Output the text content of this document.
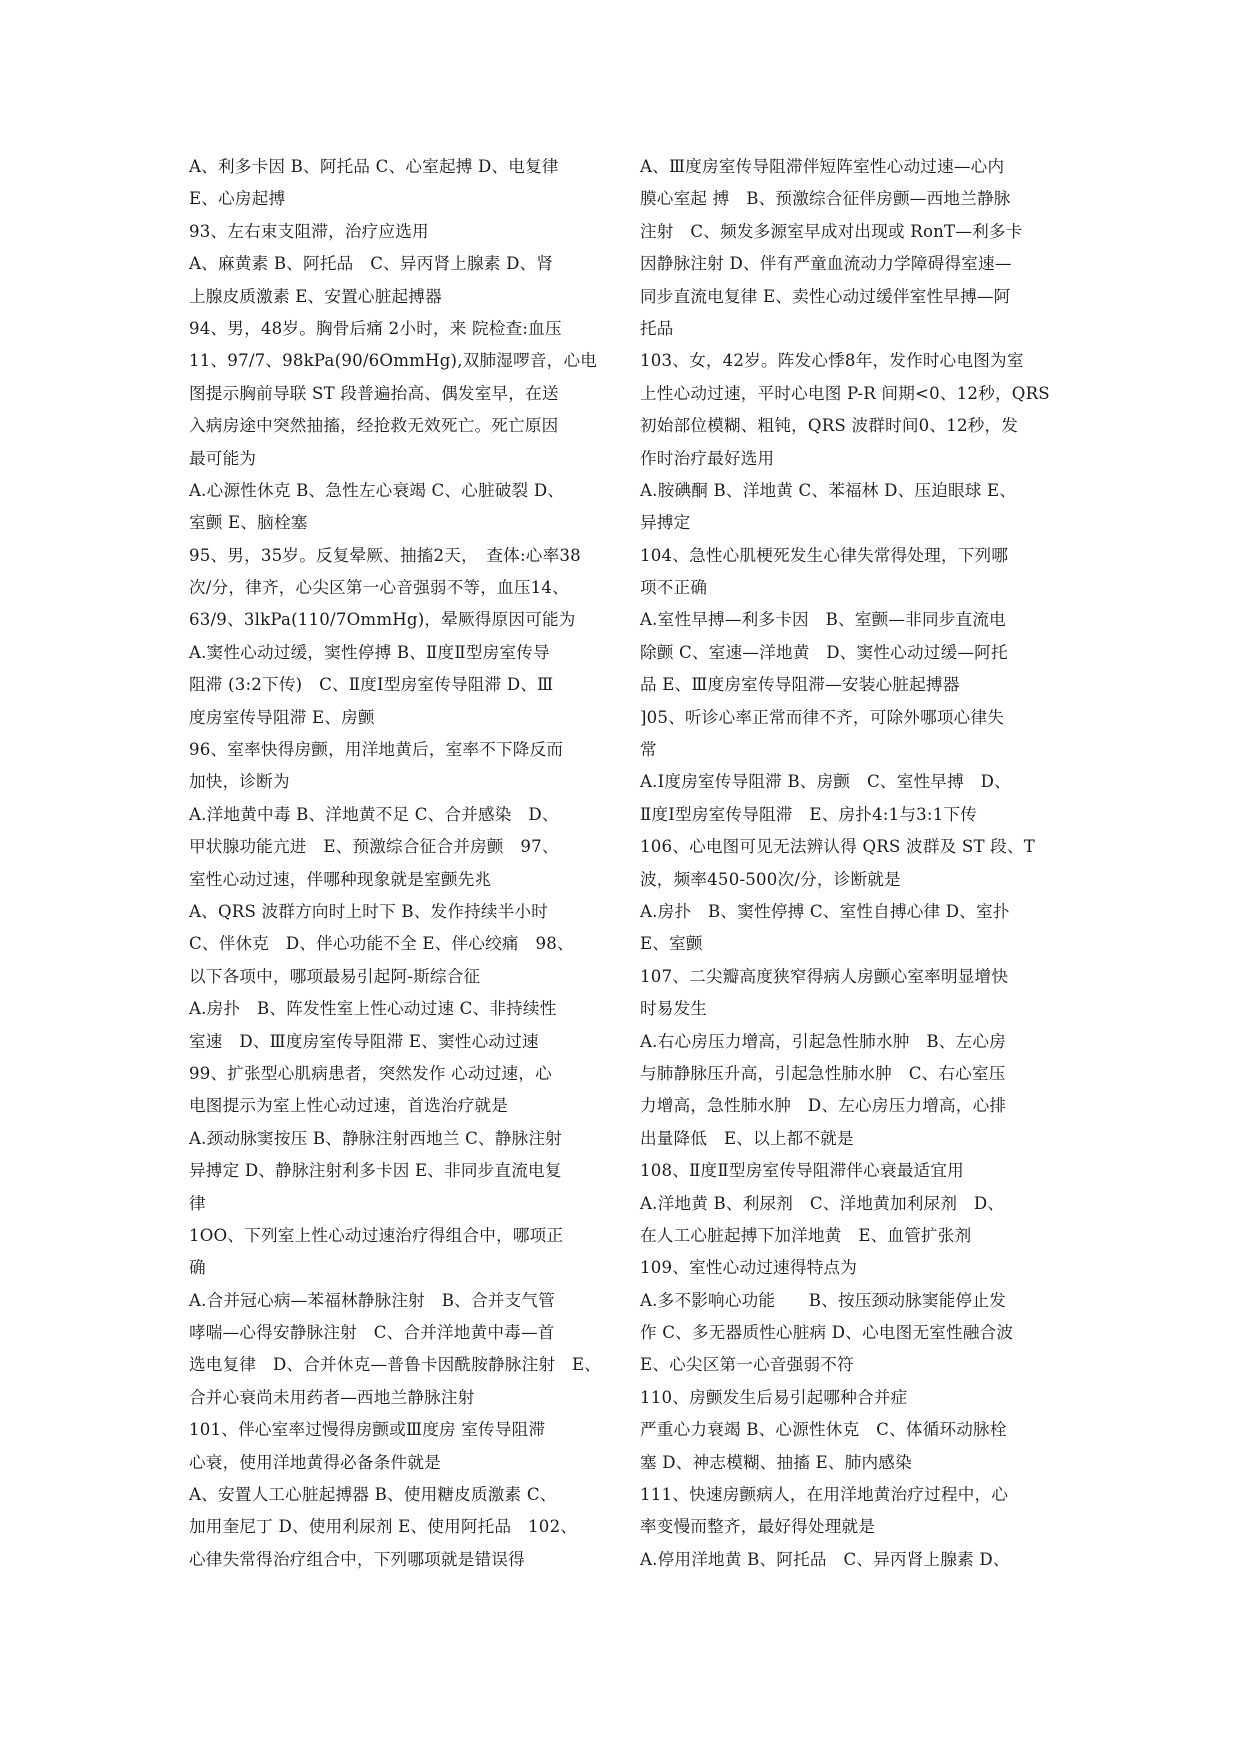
A、利多卡因 B、阿托品 C、心室起搏 D、电复律
E、心房起搏
93、左右束支阻滞，治疗应选用
A、麻黄素 B、阿托品　C、异丙肾上腺素 D、肾
上腺皮质激素 E、安置心脏起搏器
94、男，48岁。胸骨后痛 2小时，来 院检查:血压
11、97/7、98kPa(90/6OmmHg),双肺湿啰音，心电
图提示胸前导联 ST 段普遍抬高、偶发室早，在送
入病房途中突然抽搐，经抢救无效死亡。死亡原因
最可能为
A.心源性休克 B、急性左心衰竭 C、心脏破裂 D、
室颤 E、脑栓塞
95、男，35岁。反复晕厥、抽搐2天，　查体:心率38
次/分，律齐，心尖区第一心音强弱不等，血压14、
63/9、3lkPa(110/7OmmHg)，晕厥得原因可能为
A.窦性心动过缓，窦性停搏 B、Ⅱ度Ⅱ型房室传导
阻滞 (3:2下传)　C、Ⅱ度Ⅰ型房室传导阻滞 D、Ⅲ
度房室传导阻滞 E、房颤
96、室率快得房颤，用洋地黄后，室率不下降反而
加快，诊断为
A.洋地黄中毒 B、洋地黄不足 C、合并感染　D、
甲状腺功能亢进　E、预激综合征合并房颤　97、
室性心动过速，伴哪种现象就是室颤先兆
A、QRS 波群方向时上时下 B、发作持续半小时
C、伴休克　D、伴心功能不全 E、伴心绞痛　98、
以下各项中，哪项最易引起阿-斯综合征
A.房扑　B、阵发性室上性心动过速 C、非持续性
室速　D、Ⅲ度房室传导阻滞 E、窦性心动过速
99、扩张型心肌病患者，突然发作 心动过速，心
电图提示为室上性心动过速，首选治疗就是
A.颈动脉窦按压 B、静脉注射西地兰 C、静脉注射
异搏定 D、静脉注射利多卡因 E、非同步直流电复
律
1OO、下列室上性心动过速治疗得组合中，哪项正
确
A.合并冠心病—苯福林静脉注射　B、合并支气管
哮喘—心得安静脉注射　C、合并洋地黄中毒—首
选电复律　D、合并休克—普鲁卡因酰胺静脉注射　E、
合并心衰尚未用药者—西地兰静脉注射
101、伴心室率过慢得房颤或Ⅲ度房 室传导阻滞
心衰，使用洋地黄得必备条件就是
A、安置人工心脏起搏器 B、使用糖皮质激素 C、
加用奎尼丁 D、使用利尿剂 E、使用阿托品　102、
心律失常得治疗组合中，下列哪项就是错误得
A、Ⅲ度房室传导阻滞伴短阵室性心动过速—心内
膜心室起 搏　B、预激综合征伴房颤—西地兰静脉
注射　C、频发多源室早成对出现或 RonT—利多卡
因静脉注射 D、伴有严童血流动力学障碍得室速—
同步直流电复律 E、卖性心动过缓伴室性早搏—阿
托品
103、女，42岁。阵发心悸8年，发作时心电图为室
上性心动过速，平时心电图 P-R 间期<0、12秒，QRS
初始部位模糊、粗钝，QRS 波群时间0、12秒，发
作时治疗最好选用
A.胺碘酮 B、洋地黄 C、苯福林 D、压迫眼球 E、
异搏定
104、急性心肌梗死发生心律失常得处理，下列哪
项不正确
A.室性早搏—利多卡因　B、室颤—非同步直流电
除颤 C、室速—洋地黄　D、窦性心动过缓—阿托
品 E、Ⅲ度房室传导阻滞—安装心脏起搏器
]05、听诊心率正常而律不齐，可除外哪项心律失
常
A.Ⅰ度房室传导阻滞 B、房颤　C、室性早搏　D、
Ⅱ度Ⅰ型房室传导阻滞　E、房扑4:1与3:1下传
106、心电图可见无法辨认得 QRS 波群及 ST 段、T
波，频率450-500次/分，诊断就是
A.房扑　B、窦性停搏 C、室性自搏心律 D、室扑
E、室颤
107、二尖瓣高度狭窄得病人房颤心室率明显增快
时易发生
A.右心房压力增高，引起急性肺水肿　B、左心房
与肺静脉压升高，引起急性肺水肿　C、右心室压
力增高，急性肺水肿　D、左心房压力增高，心排
出量降低　E、以上都不就是
108、Ⅱ度Ⅱ型房室传导阻滞伴心衰最适宜用
A.洋地黄 B、利尿剂　C、洋地黄加利尿剂　D、
在人工心脏起搏下加洋地黄　E、血管扩张剂
109、室性心动过速得特点为
A.多不影响心功能　　B、按压颈动脉窦能停止发
作 C、多无器质性心脏病 D、心电图无室性融合波
E、心尖区第一心音强弱不符
110、房颤发生后易引起哪种合并症
严重心力衰竭 B、心源性休克　C、体循环动脉栓
塞 D、神志模糊、抽搐 E、肺内感染
111、快速房颤病人，在用洋地黄治疗过程中，心
率变慢而整齐，最好得处理就是
A.停用洋地黄 B、阿托品　C、异丙肾上腺素 D、
